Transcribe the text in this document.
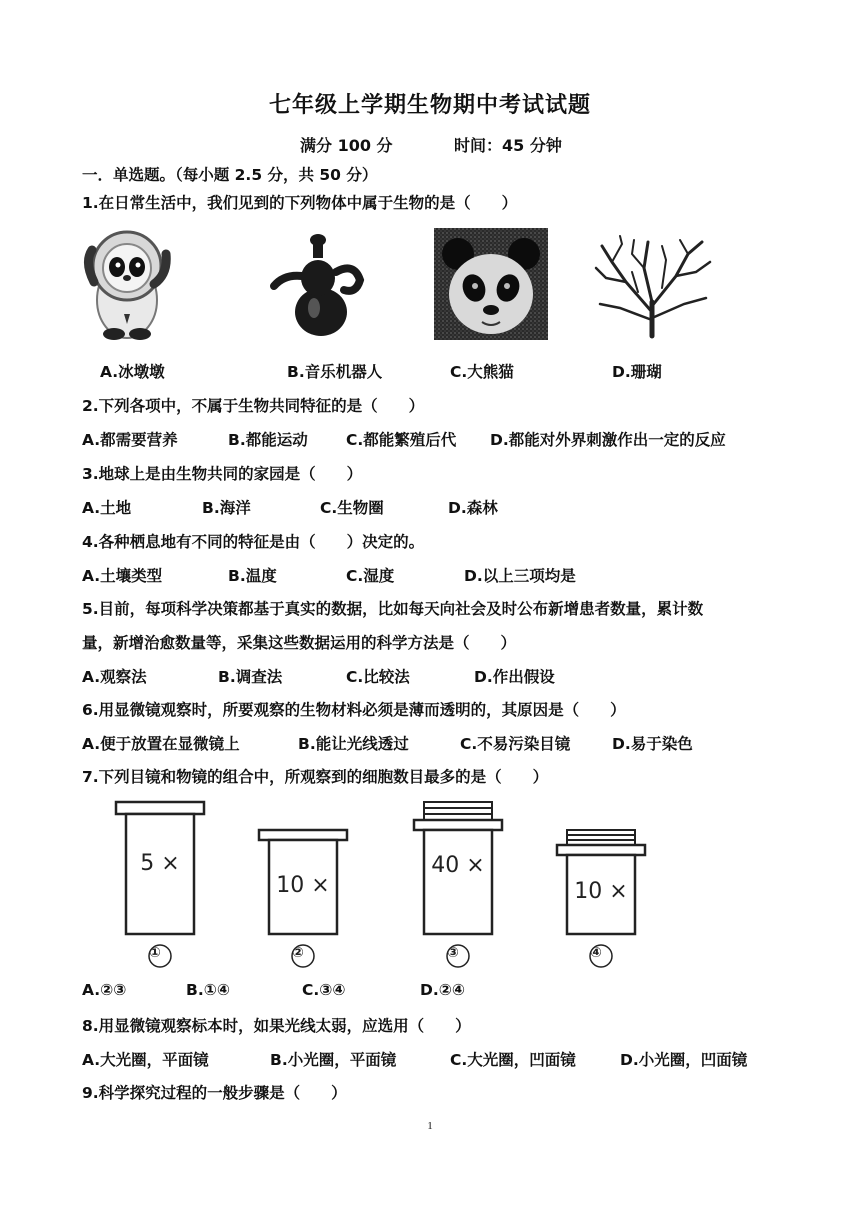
七年级上学期生物期中考试试题
满分 100 分	时间：45 分钟
一．单选题。（每小题 2.5 分，共 50 分）
1.在日常生活中，我们见到的下列物体中属于生物的是（　　）
A.冰墩墩	B.音乐机器人	C.大熊猫	D.珊瑚
2.下列各项中，不属于生物共同特征的是（　　）
A.都需要营养	B.都能运动 C.都能繁殖后代 D.都能对外界刺激作出一定的反应
3.地球上是由生物共同的家园是（　　）
A.土地	B.海洋	C.生物圈	D.森林
4.各种栖息地有不同的特征是由（　　）决定的。
A.土壤类型	B.温度	C.湿度	D.以上三项均是
5.目前，每项科学决策都基于真实的数据，比如每天向社会及时公布新增患者数量，累计数
量，新增治愈数量等，采集这些数据运用的科学方法是（　　）
A.观察法	B.调查法	C.比较法	D.作出假设
6.用显微镜观察时，所要观察的生物材料必须是薄而透明的，其原因是（　　）
A.便于放置在显微镜上	B.能让光线透过	C.不易污染目镜	D.易于染色
7.下列目镜和物镜的组合中，所观察到的细胞数目最多的是（　　）
5 ×
①
10 ×
②
40 ×
③
10 ×
④
A.②③	B.①④	C.③④	D.②④
8.用显微镜观察标本时，如果光线太弱，应选用（　　）
A.大光圈，平面镜	B.小光圈，平面镜	C.大光圈，凹面镜	D.小光圈，凹面镜
9.科学探究过程的一般步骤是（　　）
1
